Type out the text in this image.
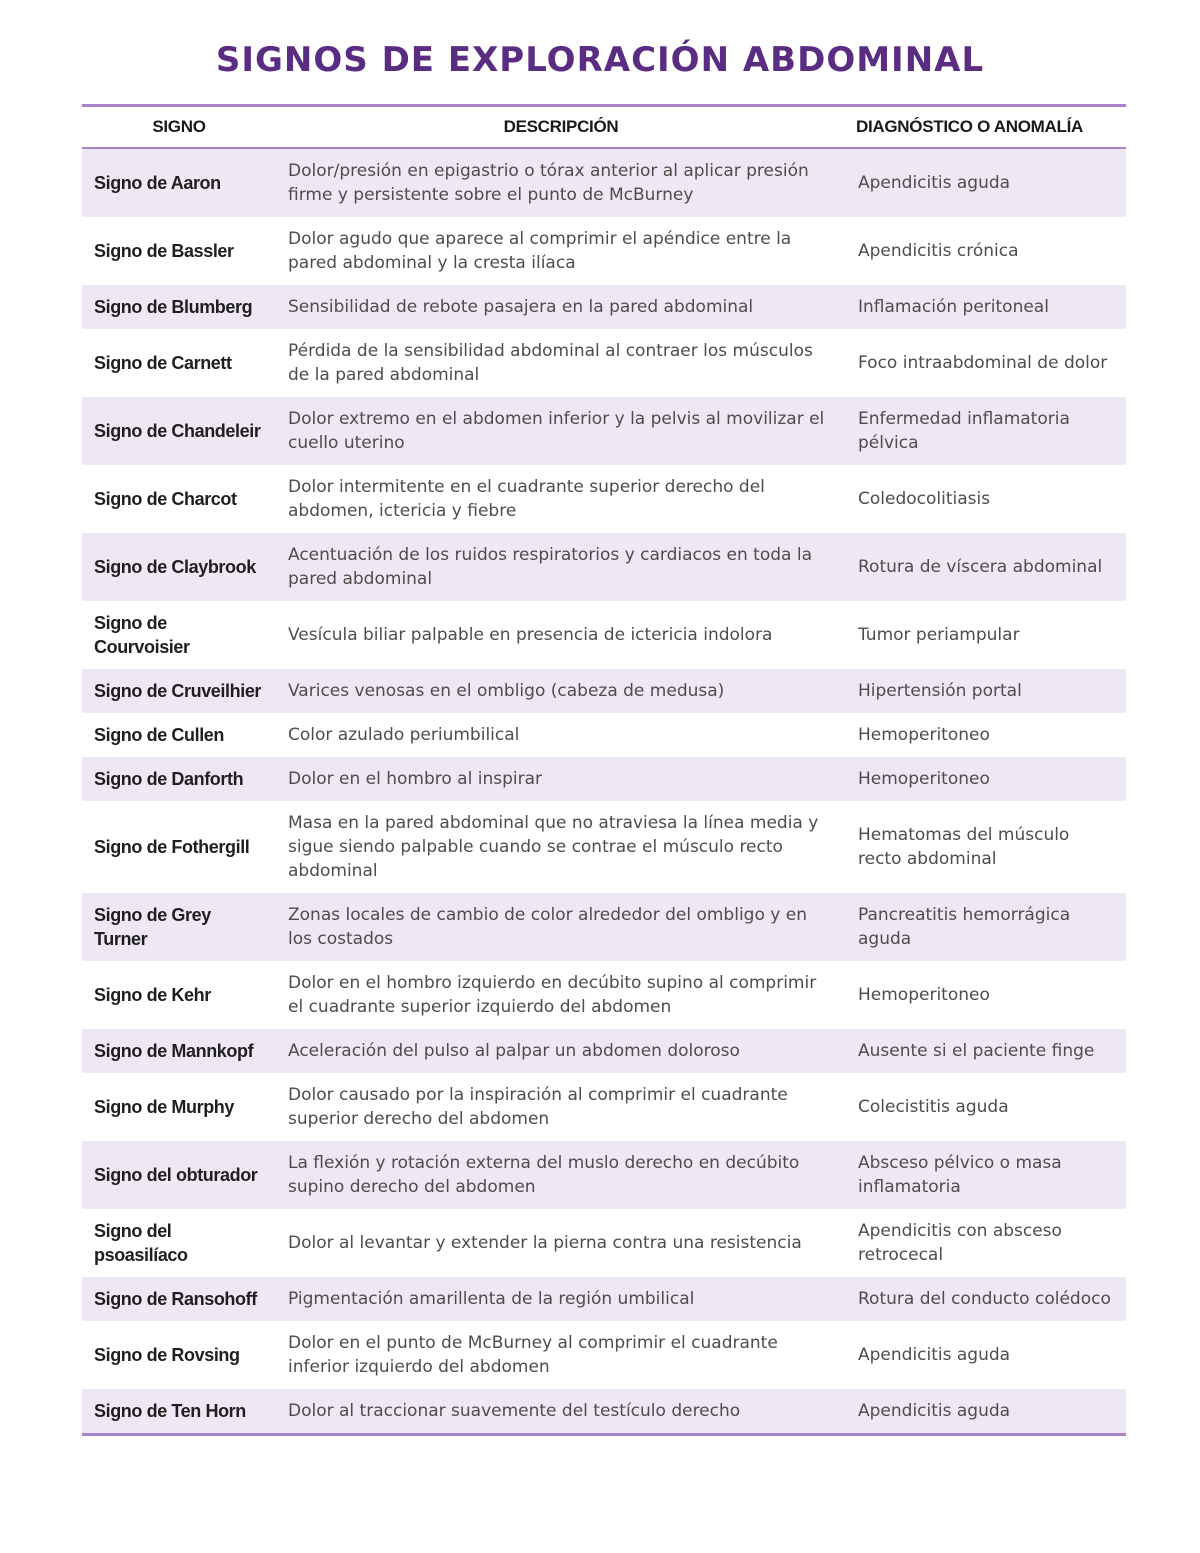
SIGNOS DE EXPLORACIÓN ABDOMINAL
SIGNO	DESCRIPCIÓN	DIAGNÓSTICO O ANOMALÍA
Signo de Aaron	Dolor/presión en epigastrio o tórax anterior al aplicar presión firme y persistente sobre el punto de McBurney	Apendicitis aguda
Signo de Bassler	Dolor agudo que aparece al comprimir el apéndice entre la pared abdominal y la cresta ilíaca	Apendicitis crónica
Signo de Blumberg	Sensibilidad de rebote pasajera en la pared abdominal	Inflamación peritoneal
Signo de Carnett	Pérdida de la sensibilidad abdominal al contraer los músculos de la pared abdominal	Foco intraabdominal de dolor
Signo de Chandeleir	Dolor extremo en el abdomen inferior y la pelvis al movilizar el cuello uterino	Enfermedad inflamatoria pélvica
Signo de Charcot	Dolor intermitente en el cuadrante superior derecho del abdomen, ictericia y fiebre	Coledocolitiasis
Signo de Claybrook	Acentuación de los ruidos respiratorios y cardiacos en toda la pared abdominal	Rotura de víscera abdominal
Signo de Courvoisier	Vesícula biliar palpable en presencia de ictericia indolora	Tumor periampular
Signo de Cruveilhier	Varices venosas en el ombligo (cabeza de medusa)	Hipertensión portal
Signo de Cullen	Color azulado periumbilical	Hemoperitoneo
Signo de Danforth	Dolor en el hombro al inspirar	Hemoperitoneo
Signo de Fothergill	Masa en la pared abdominal que no atraviesa la línea media y sigue siendo palpable cuando se contrae el músculo recto abdominal	Hematomas del músculo recto abdominal
Signo de Grey Turner	Zonas locales de cambio de color alrededor del ombligo y en los costados	Pancreatitis hemorrágica aguda
Signo de Kehr	Dolor en el hombro izquierdo en decúbito supino al comprimir el cuadrante superior izquierdo del abdomen	Hemoperitoneo
Signo de Mannkopf	Aceleración del pulso al palpar un abdomen doloroso	Ausente si el paciente finge
Signo de Murphy	Dolor causado por la inspiración al comprimir el cuadrante superior derecho del abdomen	Colecistitis aguda
Signo del obturador	La flexión y rotación externa del muslo derecho en decúbito supino derecho del abdomen	Absceso pélvico o masa inflamatoria
Signo del psoasilíaco	Dolor al levantar y extender la pierna contra una resistencia	Apendicitis con absceso retrocecal
Signo de Ransohoff	Pigmentación amarillenta de la región umbilical	Rotura del conducto colédoco
Signo de Rovsing	Dolor en el punto de McBurney al comprimir el cuadrante inferior izquierdo del abdomen	Apendicitis aguda
Signo de Ten Horn	Dolor al traccionar suavemente del testículo derecho	Apendicitis aguda
